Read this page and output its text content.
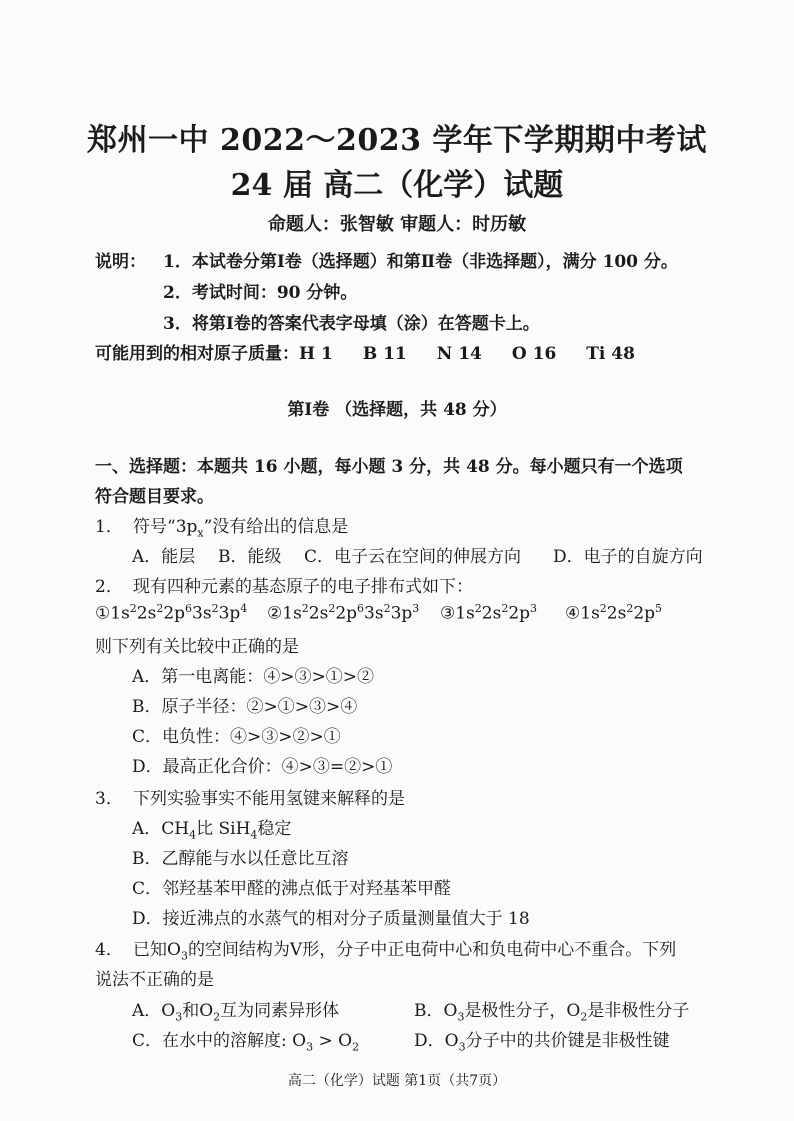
郑州一中 2022～2023 学年下学期期中考试
24 届 高二（化学）试题
命题人：张智敏 审题人：时历敏
说明： 1．本试卷分第Ⅰ卷（选择题）和第Ⅱ卷（非选择题），满分 100 分。
2．考试时间：90 分钟。
3．将第Ⅰ卷的答案代表字母填（涂）在答题卡上。
可能用到的相对原子质量：H 1 B 11 N 14 O 16 Ti 48
第Ⅰ卷 （选择题，共 48 分）
一、选择题：本题共 16 小题，每小题 3 分，共 48 分。每小题只有一个选项
符合题目要求。
1． 符号“$3p_x$”没有给出的信息是
A．能层 B．能级 C．电子云在空间的伸展方向 D．电子的自旋方向
2． 现有四种元素的基态原子的电子排布式如下：
$①1s^22s^22p^63s^23p^4$ $②1s^22s^22p^63s^23p^3$ $③1s^22s^22p^3$ $④1s^22s^22p^5$
则下列有关比较中正确的是
A．第一电离能：④>③>①>②
B．原子半径：②>①>③>④
C．电负性：④>③>②>①
D．最高正化合价：④>③=②>①
3． 下列实验事实不能用氢键来解释的是
A．$CH_4$比 SiH$_4$稳定
B．乙醇能与水以任意比互溶
C．邻羟基苯甲醛的沸点低于对羟基苯甲醛
D．接近沸点的水蒸气的相对分子质量测量值大于 18
4． 已知$O_3$的空间结构为V形，分子中正电荷中心和负电荷中心不重合。下列
说法不正确的是
A．$O_3$和$O_2$互为同素异形体	B．$O_3$是极性分子，$O_2$是非极性分子
C．在水中的溶解度: $O_3 > O_2$	D．$O_3$分子中的共价键是非极性键
高二（化学）试题 第1页（共7页）
